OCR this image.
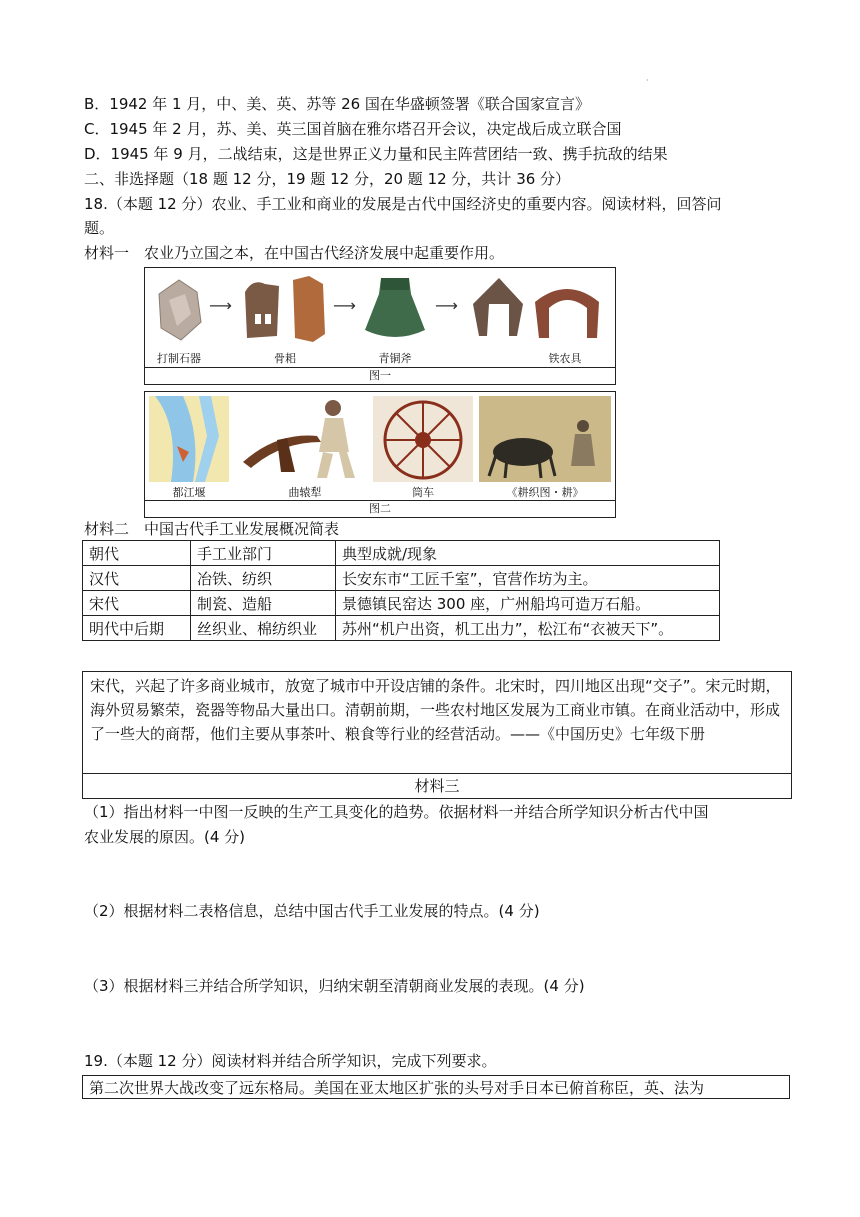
·
B．1942 年 1 月，中、美、英、苏等 26 国在华盛顿签署《联合国家宣言》
C．1945 年 2 月，苏、美、英三国首脑在雅尔塔召开会议，决定战后成立联合国
D．1945 年 9 月，二战结束，这是世界正义力量和民主阵营团结一致、携手抗敌的结果
二、非选择题（18 题 12 分，19 题 12 分，20 题 12 分，共计 36 分）
18.（本题 12 分）农业、手工业和商业的发展是古代中国经济史的重要内容。阅读材料，回答问
题。
材料一　农业乃立国之本，在中国古代经济发展中起重要作用。
打制石器
⟶
骨耜
⟶
青铜斧
⟶
铁农具
图一
都江堰	曲辕犁	筒车	《耕织图・耕》
图二
材料二　中国古代手工业发展概况简表
朝代	手工业部门	典型成就/现象
汉代	冶铁、纺织	长安东市“工匠千室”，官营作坊为主。
宋代	制瓷、造船	景德镇民窑达 300 座，广州船坞可造万石船。
明代中后期	丝织业、棉纺织业	苏州“机户出资，机工出力”，松江布“衣被天下”。
宋代，兴起了许多商业城市，放宽了城市中开设店铺的条件。北宋时，四川地区出现“交子”。宋元时期，海外贸易繁荣，瓷器等物品大量出口。清朝前期，一些农村地区发展为工商业市镇。在商业活动中，形成了一些大的商帮，他们主要从事茶叶、粮食等行业的经营活动。——《中国历史》七年级下册
材料三
（1）指出材料一中图一反映的生产工具变化的趋势。依据材料一并结合所学知识分析古代中国
农业发展的原因。(4 分)
（2）根据材料二表格信息，总结中国古代手工业发展的特点。(4 分)
（3）根据材料三并结合所学知识，归纳宋朝至清朝商业发展的表现。(4 分)
19.（本题 12 分）阅读材料并结合所学知识，完成下列要求。
第二次世界大战改变了远东格局。美国在亚太地区扩张的头号对手日本已俯首称臣，英、法为
